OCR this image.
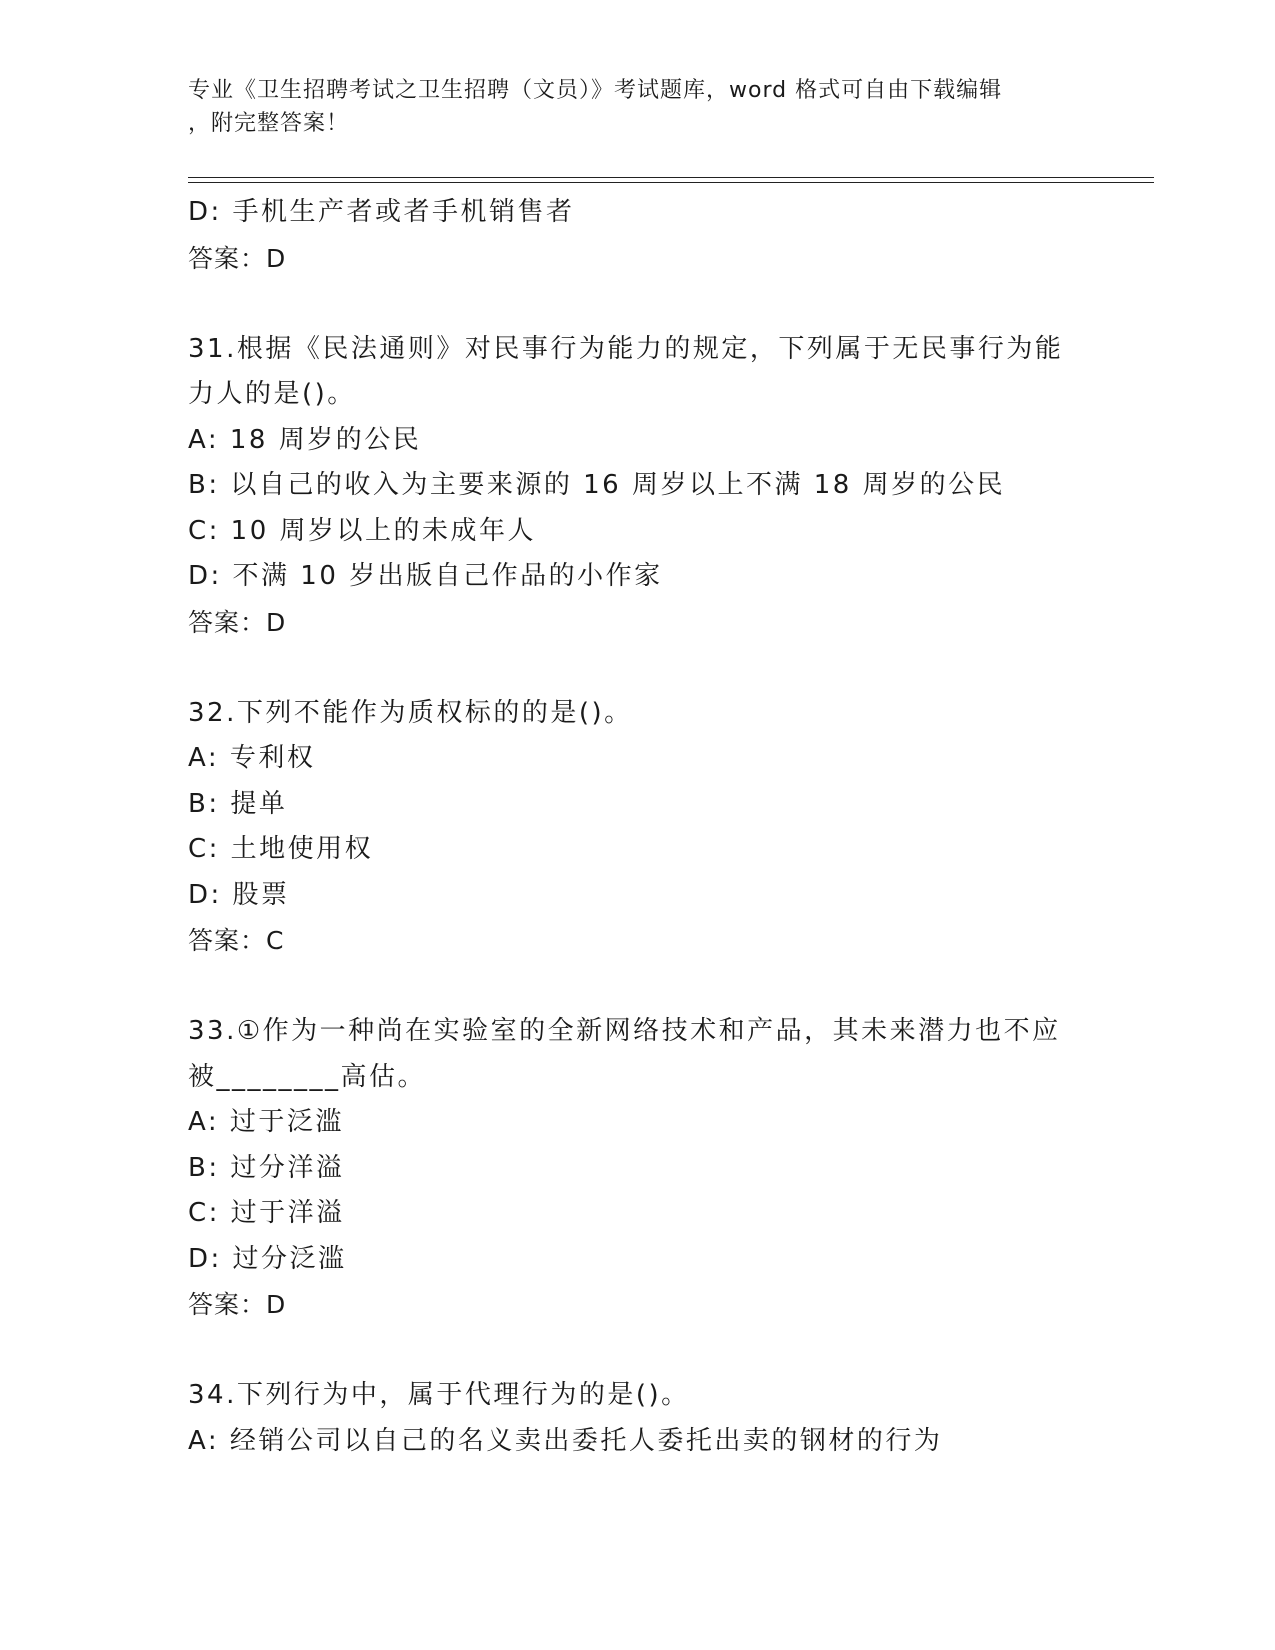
专业《卫生招聘考试之卫生招聘（文员）》考试题库，word 格式可自由下载编辑
，附完整答案！
D: 手机生产者或者手机销售者
答案：D
31.根据《民法通则》对民事行为能力的规定，下列属于无民事行为能
力人的是()。
A: 18 周岁的公民
B: 以自己的收入为主要来源的 16 周岁以上不满 18 周岁的公民
C: 10 周岁以上的未成年人
D: 不满 10 岁出版自己作品的小作家
答案：D
32.下列不能作为质权标的的是()。
A: 专利权
B: 提单
C: 土地使用权
D: 股票
答案：C
33.①作为一种尚在实验室的全新网络技术和产品，其未来潜力也不应
被________高估。
A: 过于泛滥
B: 过分洋溢
C: 过于洋溢
D: 过分泛滥
答案：D
34.下列行为中，属于代理行为的是()。
A: 经销公司以自己的名义卖出委托人委托出卖的钢材的行为
